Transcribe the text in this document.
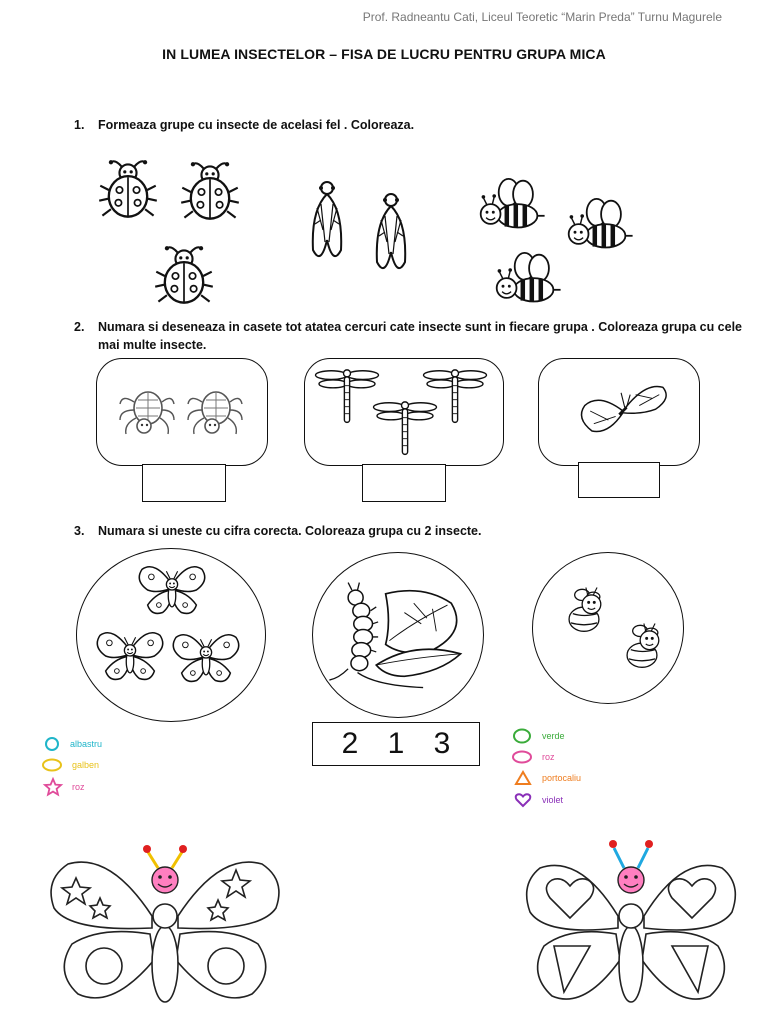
Prof. Radneantu Cati, Liceul Teoretic “Marin Preda” Turnu Magurele
IN LUMEA INSECTELOR – FISA DE LUCRU PENTRU GRUPA MICA
1. Formeaza grupe cu insecte de acelasi fel . Coloreaza.
2. Numara si deseneaza in casete tot atatea cercuri cate insecte sunt in fiecare grupa . Coloreaza grupa cu cele
mai multe insecte.
3. Numara si uneste cu cifra corecta. Coloreaza grupa cu 2 insecte.
2 1 3
albastru
galben
roz
verde
roz
portocaliu
violet
